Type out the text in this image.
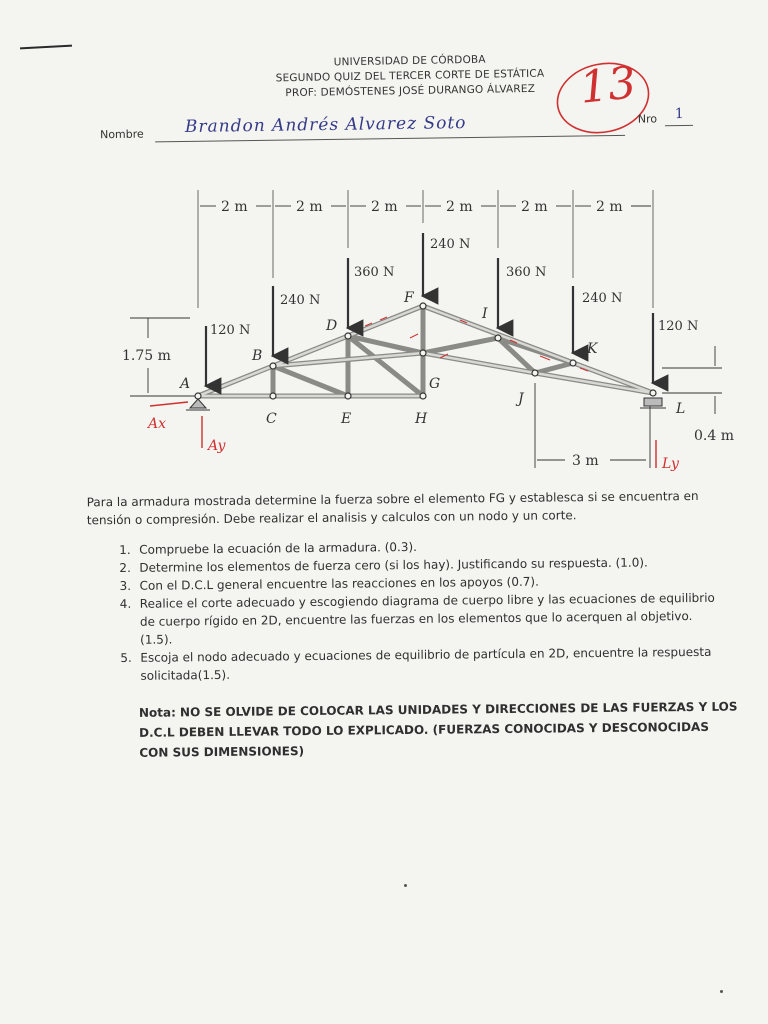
UNIVERSIDAD DE CÓRDOBA
SEGUNDO QUIZ DEL TERCER CORTE DE ESTÁTICA
PROF: DEMÓSTENES JOSÉ DURANGO ÁLVAREZ 13
Nombre Brandon Andrés Alvarez Soto	Nro 1
2 m	2 m	2 m	2 m	2 m	2 m
A
B
C
D
E
F
G
H
I
J
K
L
120 N
240 N
360 N
240 N
360 N
240 N
120 N
1.75 m
0.4 m
3 m
Ax
Ay
Ly
Para la armadura mostrada determine la fuerza sobre el elemento FG y establesca si se encuentra en tensión o compresión. Debe realizar el analisis y calculos con un nodo y un corte.
1. Compruebe la ecuación de la armadura. (0.3).
2. Determine los elementos de fuerza cero (si los hay). Justificando su respuesta. (1.0).
3. Con el D.C.L general encuentre las reacciones en los apoyos (0.7).
4. Realice el corte adecuado y escogiendo diagrama de cuerpo libre y las ecuaciones de equilibrio de cuerpo rígido en 2D, encuentre las fuerzas en los elementos que lo acerquen al objetivo. (1.5).
5. Escoja el nodo adecuado y ecuaciones de equilibrio de partícula en 2D, encuentre la respuesta solicitada(1.5).
Nota: NO SE OLVIDE DE COLOCAR LAS UNIDADES Y DIRECCIONES DE LAS FUERZAS Y LOS D.C.L DEBEN LLEVAR TODO LO EXPLICADO. (FUERZAS CONOCIDAS Y DESCONOCIDAS CON SUS DIMENSIONES)
